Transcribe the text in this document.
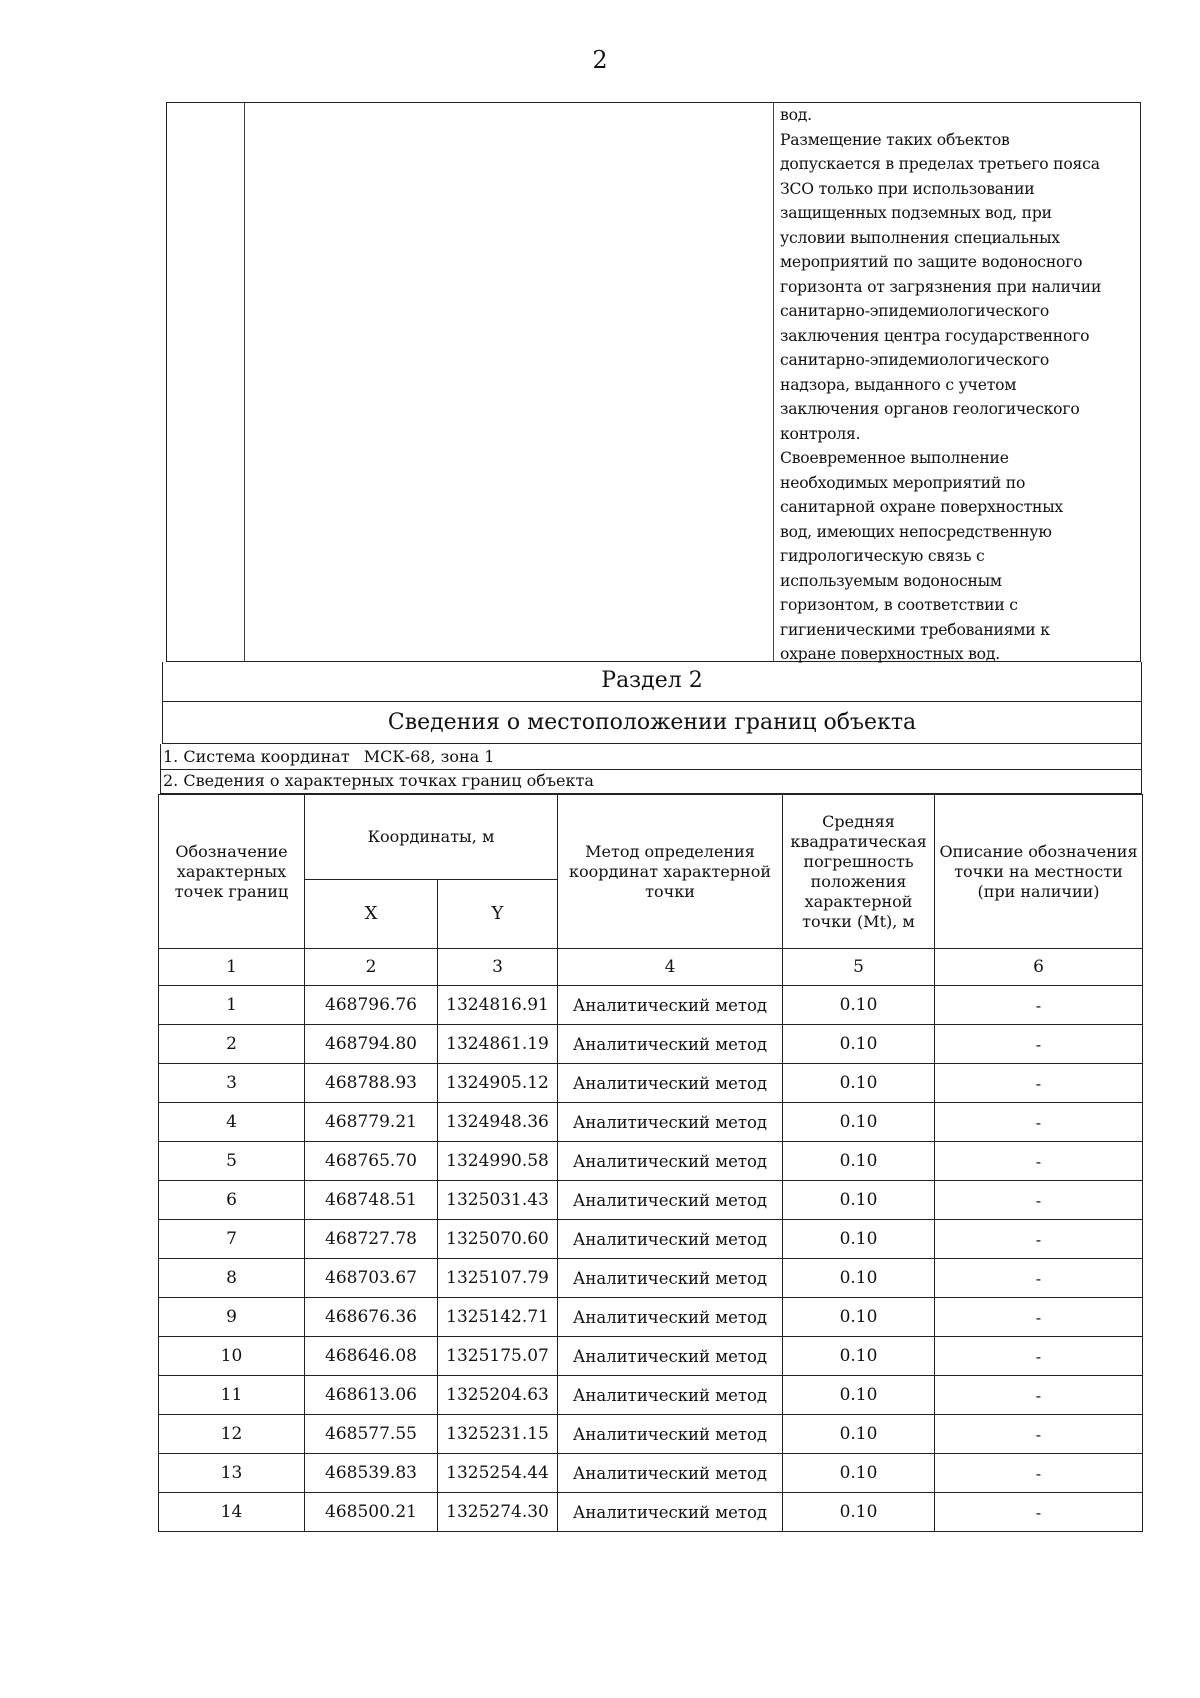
2
вод.
Размещение таких объектов
допускается в пределах третьего пояса
ЗСО только при использовании
защищенных подземных вод, при
условии выполнения специальных
мероприятий по защите водоносного
горизонта от загрязнения при наличии
санитарно-эпидемиологического
заключения центра государственного
санитарно-эпидемиологического
надзора, выданного с учетом
заключения органов геологического
контроля.
Своевременное выполнение
необходимых мероприятий по
санитарной охране поверхностных
вод, имеющих непосредственную
гидрологическую связь с
используемым водоносным
горизонтом, в соответствии с
гигиеническими требованиями к
охране поверхностных вод.
Раздел 2
Сведения о местоположении границ объекта
1. Система координат МСК-68, зона 1
2. Сведения о характерных точках границ объекта
Обозначение характерных точек границ	Координаты, м		Метод определения координат характерной точки	Средняя квадратическая погрешность положения характерной точки (Mt), м	Описание обозначения точки на местности (при наличии)
	X	Y			
1	2	3	4	5	6
1	468796.76	1324816.91	Аналитический метод	0.10	-
2	468794.80	1324861.19	Аналитический метод	0.10	-
3	468788.93	1324905.12	Аналитический метод	0.10	-
4	468779.21	1324948.36	Аналитический метод	0.10	-
5	468765.70	1324990.58	Аналитический метод	0.10	-
6	468748.51	1325031.43	Аналитический метод	0.10	-
7	468727.78	1325070.60	Аналитический метод	0.10	-
8	468703.67	1325107.79	Аналитический метод	0.10	-
9	468676.36	1325142.71	Аналитический метод	0.10	-
10	468646.08	1325175.07	Аналитический метод	0.10	-
11	468613.06	1325204.63	Аналитический метод	0.10	-
12	468577.55	1325231.15	Аналитический метод	0.10	-
13	468539.83	1325254.44	Аналитический метод	0.10	-
14	468500.21	1325274.30	Аналитический метод	0.10	-
